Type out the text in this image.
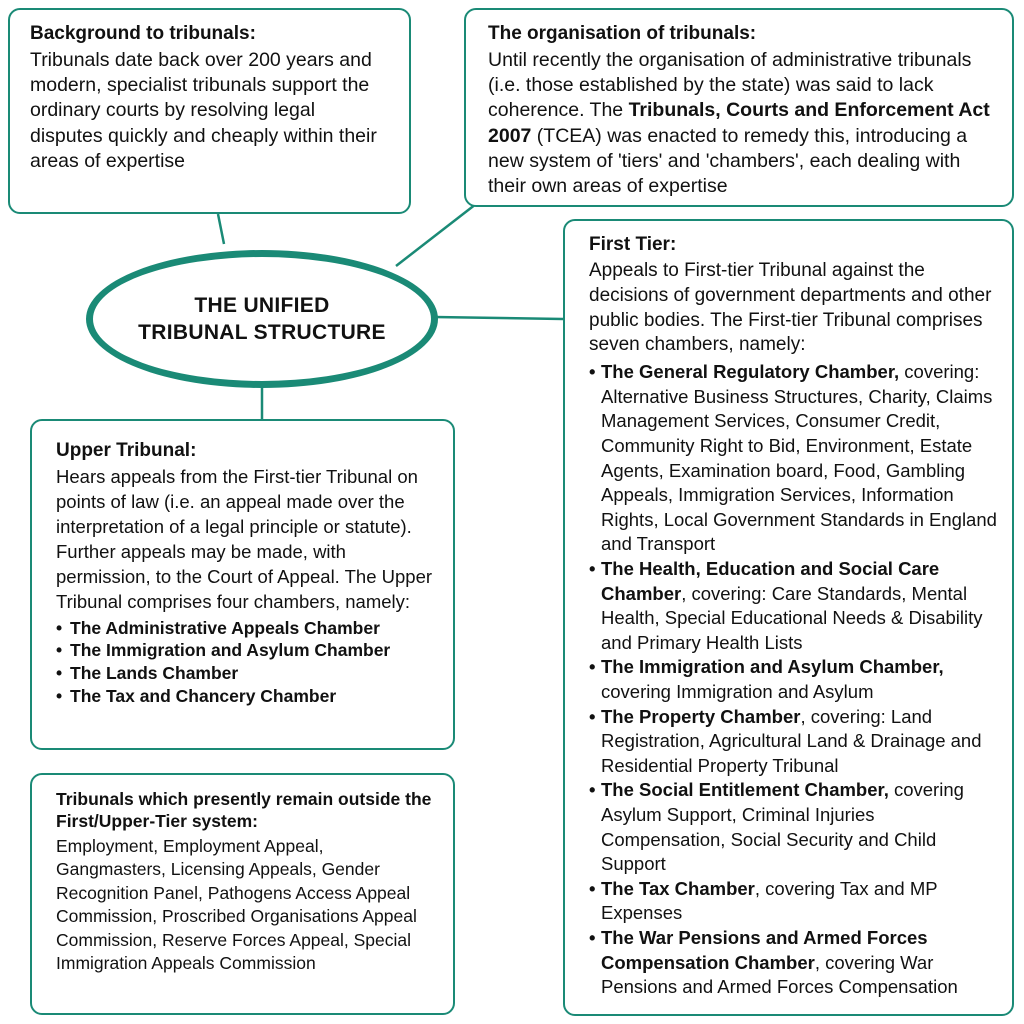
THE UNIFIED
TRIBUNAL STRUCTURE
Background to tribunals:

Tribunals date back over 200 years and modern, specialist tribunals support the ordinary courts by resolving legal disputes quickly and cheaply within their areas of expertise

The organisation of tribunals:

Until recently the organisation of administrative tribunals (i.e. those established by the state) was said to lack coherence. The Tribunals, Courts and Enforcement Act 2007 (TCEA) was enacted to remedy this, introducing a new system of 'tiers' and 'chambers', each dealing with their own areas of expertise

First Tier:

Appeals to First-tier Tribunal against the decisions of government departments and other public bodies. The First-tier Tribunal comprises seven chambers, namely:

• The General Regulatory Chamber, covering: Alternative Business Structures, Charity, Claims Management Services, Consumer Credit, Community Right to Bid, Environment, Estate Agents, Examination board, Food, Gambling Appeals, Immigration Services, Information Rights, Local Government Standards in England and Transport
• The Health, Education and Social Care Chamber, covering: Care Standards, Mental Health, Special Educational Needs & Disability and Primary Health Lists
• The Immigration and Asylum Chamber, covering Immigration and Asylum
• The Property Chamber, covering: Land Registration, Agricultural Land & Drainage and Residential Property Tribunal
• The Social Entitlement Chamber, covering Asylum Support, Criminal Injuries Compensation, Social Security and Child Support
• The Tax Chamber, covering Tax and MP Expenses
• The War Pensions and Armed Forces Compensation Chamber, covering War Pensions and Armed Forces Compensation
Upper Tribunal:

Hears appeals from the First-tier Tribunal on points of law (i.e. an appeal made over the interpretation of a legal principle or statute). Further appeals may be made, with permission, to the Court of Appeal. The Upper Tribunal comprises four chambers, namely:

• The Administrative Appeals Chamber
• The Immigration and Asylum Chamber
• The Lands Chamber
• The Tax and Chancery Chamber
Tribunals which presently remain outside the First/Upper-Tier system:

Employment, Employment Appeal, Gangmasters, Licensing Appeals, Gender Recognition Panel, Pathogens Access Appeal Commission, Proscribed Organisations Appeal Commission, Reserve Forces Appeal, Special Immigration Appeals Commission
